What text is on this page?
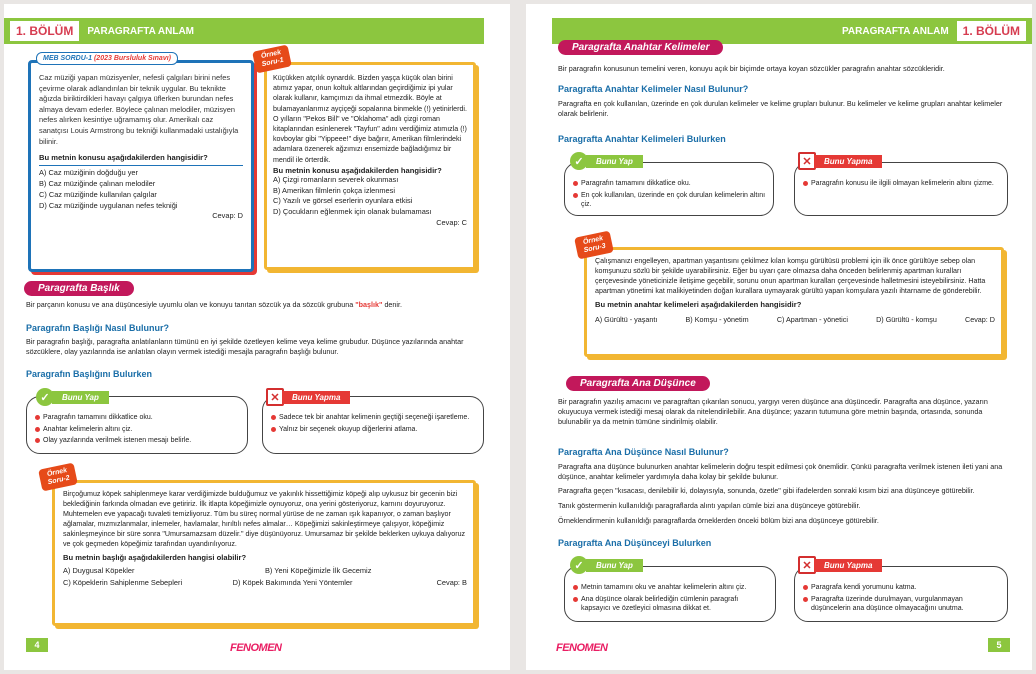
1. BÖLÜM	PARAGRAFTA ANLAM
Caz müziği yapan müzisyenler, nefesli çalgıları birini nefes çevirme olarak adlandırılan bir teknik uygular. Bu teknikte ağızda biriktirdikleri havayı çalgıya üflerken burundan nefes almaya devam ederler. Böylece çalınan melodiler, müzisyen nefes alırken kesintiye uğramamış olur. Amerikalı caz sanatçısı Louis Armstrong bu tekniği kullanmadaki ustalığıyla bilinir.
Bu metnin konusu aşağıdakilerden hangisidir?
A) Caz müziğinin doğduğu yer
B) Caz müziğinde çalınan melodiler
C) Caz müziğinde kullanılan çalgılar
D) Caz müziğinde uygulanan nefes tekniği
Cevap: D
MEB SORDU-1 (2023 Bursluluk Sınavı)
Küçükken atçılık oynardık. Bizden yaşça küçük olan birini atımız yapar, onun koltuk altlarından geçirdiğimiz ipi yular olarak kullanır, kamçımızı da ihmal etmezdik. Böyle at bulamayanlarımız ayçiçeği sopalarına binmekle (!) yetinirlerdi. O yılların "Pekos Bill" ve "Oklahoma" adlı çizgi roman kitaplarından esinlenerek "Tayfun" adını verdiğimiz atımızla (!) kovboylar gibi "Yippeee!" diye bağırır, Amerikan filmlerindeki adamlara özenerek ağzımızı ensemizde bağladığımız bir mendil ile örterdik.
Bu metnin konusu aşağıdakilerden hangisidir?
A) Çizgi romanların severek okunması
B) Amerikan filmlerin çokça izlenmesi
C) Yazılı ve görsel eserlerin oyunlara etkisi
D) Çocukların eğlenmek için olanak bulamaması
Cevap: C
Örnek Soru-1
Paragrafta Başlık
Bir parçanın konusu ve ana düşüncesiyle uyumlu olan ve konuyu tanıtan sözcük ya da sözcük grubuna "başlık" denir.
Paragrafın Başlığı Nasıl Bulunur?
Bir paragrafın başlığı, paragrafta anlatılanların tümünü en iyi şekilde özetleyen kelime veya kelime grubudur. Düşünce yazılarında anahtar sözcüklere, olay yazılarında ise anlatılan olayın vermek istediği mesajla paragrafın başlığı bulunur.
Paragrafın Başlığını Bulurken
Paragrafın tamamını dikkatlice oku.
Anahtar kelimelerin altını çiz.
Olay yazılarında verilmek istenen mesajı belirle.
✓	Bunu Yap
Sadece tek bir anahtar kelimenin geçtiği seçeneği işaretleme.
Yalnız bir seçenek okuyup diğerlerini atlama.
✕	Bunu Yapma
Birçoğumuz köpek sahiplenmeye karar verdiğimizde bulduğumuz ve yakınlık hissettiğimiz köpeği alıp uykusuz bir gecenin bizi beklediğinin farkında olmadan eve getiririz. İlk itlapta köpeğimizle oynuyoruz, ona yerini gösteriyoruz, karnını doyuruyoruz. Muhtemelen eve yapacağı tuvaleti temizliyoruz. Tüm bu süreç normal yürüse de ne zaman ışık kapanıyor, o zaman başlıyor ağlamalar, mızmızlanmalar, inlemeler, havlamalar, hırıltılı nefes almalar… Köpeğimizi sakinleştirmeye çalışıyor, köpeğimiz sakinleşmeyince bir süre sonra "Umursamazsam düzelir." diye düşünüyoruz. Umursamaz bir şekilde beklerken uykuya dalıyoruz ve çok geçmeden köpeğimiz tarafından uyandırılıyoruz.
Bu metnin başlığı aşağıdakilerden hangisi olabilir?
A) Duygusal Köpekler	B) Yeni Köpeğimizle İlk Gecemiz
C) Köpeklerin Sahiplenme Sebepleri	D) Köpek Bakımında Yeni Yöntemler	Cevap: B
Örnek Soru-2
4	FENOMEN
PARAGRAFTA ANLAM	1. BÖLÜM
Paragrafta Anahtar Kelimeler
Bir paragrafın konusunun temelini veren, konuyu açık bir biçimde ortaya koyan sözcükler paragrafın anahtar sözcükleridir.
Paragrafta Anahtar Kelimeler Nasıl Bulunur?
Paragrafta en çok kullanılan, üzerinde en çok durulan kelimeler ve kelime grupları bulunur. Bu kelimeler ve kelime grupları anahtar kelimeler olarak belirlenir.
Paragrafta Anahtar Kelimeleri Bulurken
Paragrafın tamamını dikkatlice oku.
En çok kullanılan, üzerinde en çok durulan kelimelerin altını çiz.
✓	Bunu Yap
Paragrafın konusu ile ilgili olmayan kelimelerin altını çizme.
✕	Bunu Yapma
Çalışmanızı engelleyen, apartman yaşantısını çekilmez kılan komşu gürültüsü problemi için ilk önce gürültüye sebep olan komşunuzu sözlü bir şekilde uyarabilirsiniz. Eğer bu uyarı çare olmazsa daha önceden belirlenmiş apartman kuralları çerçevesinde yöneticinizle iletişime geçebilir, sorunu onun apartman kuralları çerçevesinde halletmesini isteyebilirsiniz. Hatta apartman yönetimi kat malikiyetinden doğan kurallara uymayarak gürültü yapan komşulara yazılı ihtarname de gönderebilir.
Bu metnin anahtar kelimeleri aşağıdakilerden hangisidir?
A) Gürültü - yaşantı	B) Komşu - yönetim	C) Apartman - yönetici	D) Gürültü - komşu	Cevap: D
Örnek Soru-3
Paragrafta Ana Düşünce
Bir paragrafın yazılış amacını ve paragraftan çıkarılan sonucu, yargıyı veren düşünce ana düşüncedir. Paragrafta ana düşünce, yazarın okuyucuya vermek istediği mesaj olarak da nitelendirilebilir. Ana düşünce; yazarın tutumuna göre metnin başında, ortasında, sonunda bulunabilir ya da metnin tümüne sindirilmiş olabilir.
Paragrafta Ana Düşünce Nasıl Bulunur?
Paragrafta ana düşünce bulunurken anahtar kelimelerin doğru tespit edilmesi çok önemlidir. Çünkü paragrafta verilmek istenen ileti yani ana düşünce, anahtar kelimeler yardımıyla daha kolay bir şekilde bulunur.
Paragrafta geçen "kısacası, denilebilir ki, dolayısıyla, sonunda, özetle" gibi ifadelerden sonraki kısım bizi ana düşünceye götürebilir.
Tanık göstermenin kullanıldığı paragraflarda alıntı yapılan cümle bizi ana düşünceye götürebilir.
Örneklendirmenin kullanıldığı paragraflarda örneklerden önceki bölüm bizi ana düşünceye götürebilir.
Paragrafta Ana Düşünceyi Bulurken
Metnin tamamını oku ve anahtar kelimelerin altını çiz.
Ana düşünce olarak belirlediğin cümlenin paragrafı kapsayıcı ve özetleyici olmasına dikkat et.
✓	Bunu Yap
Paragrafa kendi yorumunu katma.
Paragrafta üzerinde durulmayan, vurgulanmayan düşüncelerin ana düşünce olmayacağını unutma.
✕	Bunu Yapma
FENOMEN	5
